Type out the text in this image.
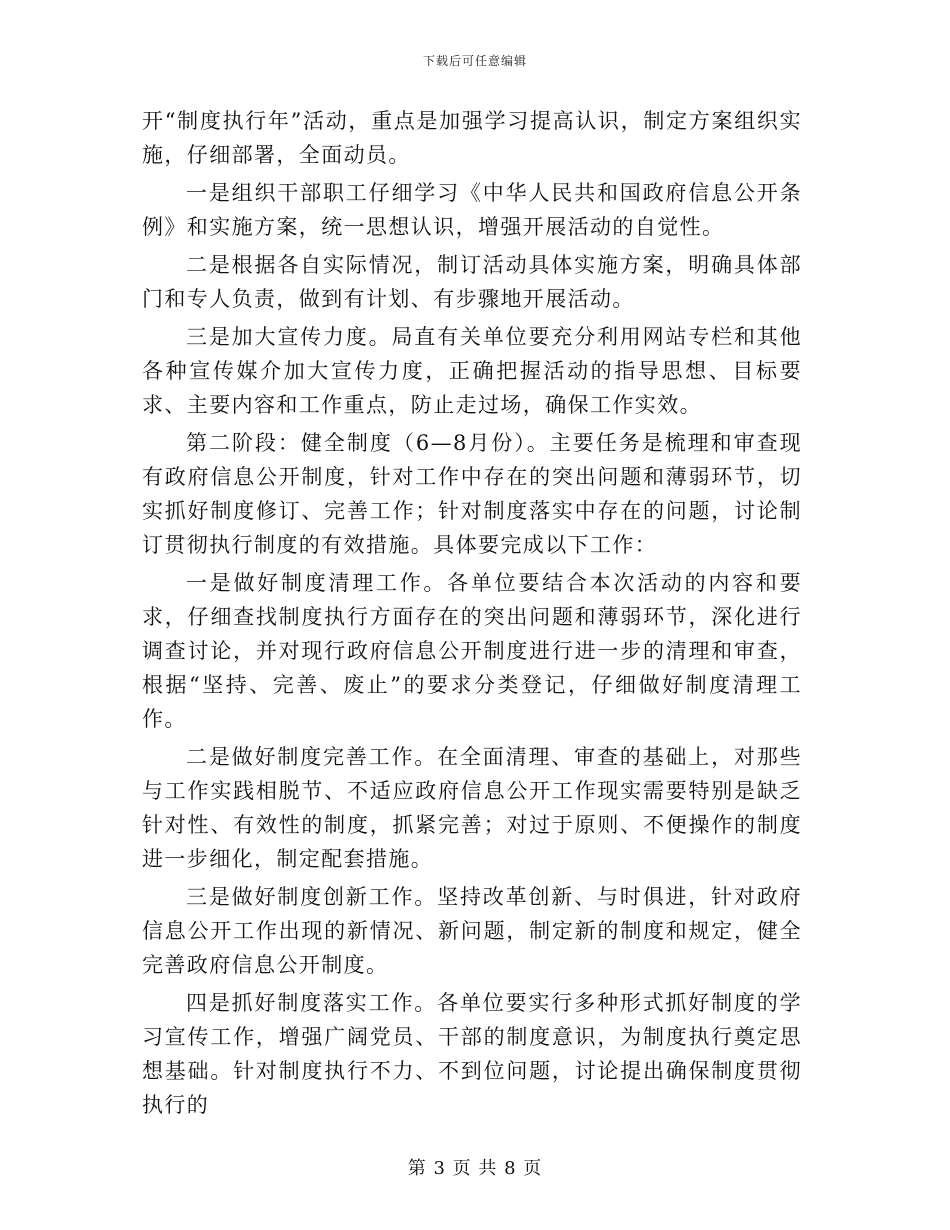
下载后可任意编辑

开“制度执行年”活动，重点是加强学习提高认识，制定方案组织实施，仔细部署，全面动员。

一是组织干部职工仔细学习《中华人民共和国政府信息公开条例》和实施方案，统一思想认识，增强开展活动的自觉性。

二是根据各自实际情况，制订活动具体实施方案，明确具体部门和专人负责，做到有计划、有步骤地开展活动。

三是加大宣传力度。局直有关单位要充分利用网站专栏和其他各种宣传媒介加大宣传力度，正确把握活动的指导思想、目标要求、主要内容和工作重点，防止走过场，确保工作实效。

第二阶段：健全制度（6—8月份）。主要任务是梳理和审查现有政府信息公开制度，针对工作中存在的突出问题和薄弱环节，切实抓好制度修订、完善工作；针对制度落实中存在的问题，讨论制订贯彻执行制度的有效措施。具体要完成以下工作：

一是做好制度清理工作。各单位要结合本次活动的内容和要求，仔细查找制度执行方面存在的突出问题和薄弱环节，深化进行调查讨论，并对现行政府信息公开制度进行进一步的清理和审查，根据“坚持、完善、废止”的要求分类登记，仔细做好制度清理工作。

二是做好制度完善工作。在全面清理、审查的基础上，对那些与工作实践相脱节、不适应政府信息公开工作现实需要特别是缺乏针对性、有效性的制度，抓紧完善；对过于原则、不便操作的制度进一步细化，制定配套措施。

三是做好制度创新工作。坚持改革创新、与时俱进，针对政府信息公开工作出现的新情况、新问题，制定新的制度和规定，健全完善政府信息公开制度。

四是抓好制度落实工作。各单位要实行多种形式抓好制度的学习宣传工作，增强广阔党员、干部的制度意识，为制度执行奠定思想基础。针对制度执行不力、不到位问题，讨论提出确保制度贯彻执行的

第 3 页 共 8 页
